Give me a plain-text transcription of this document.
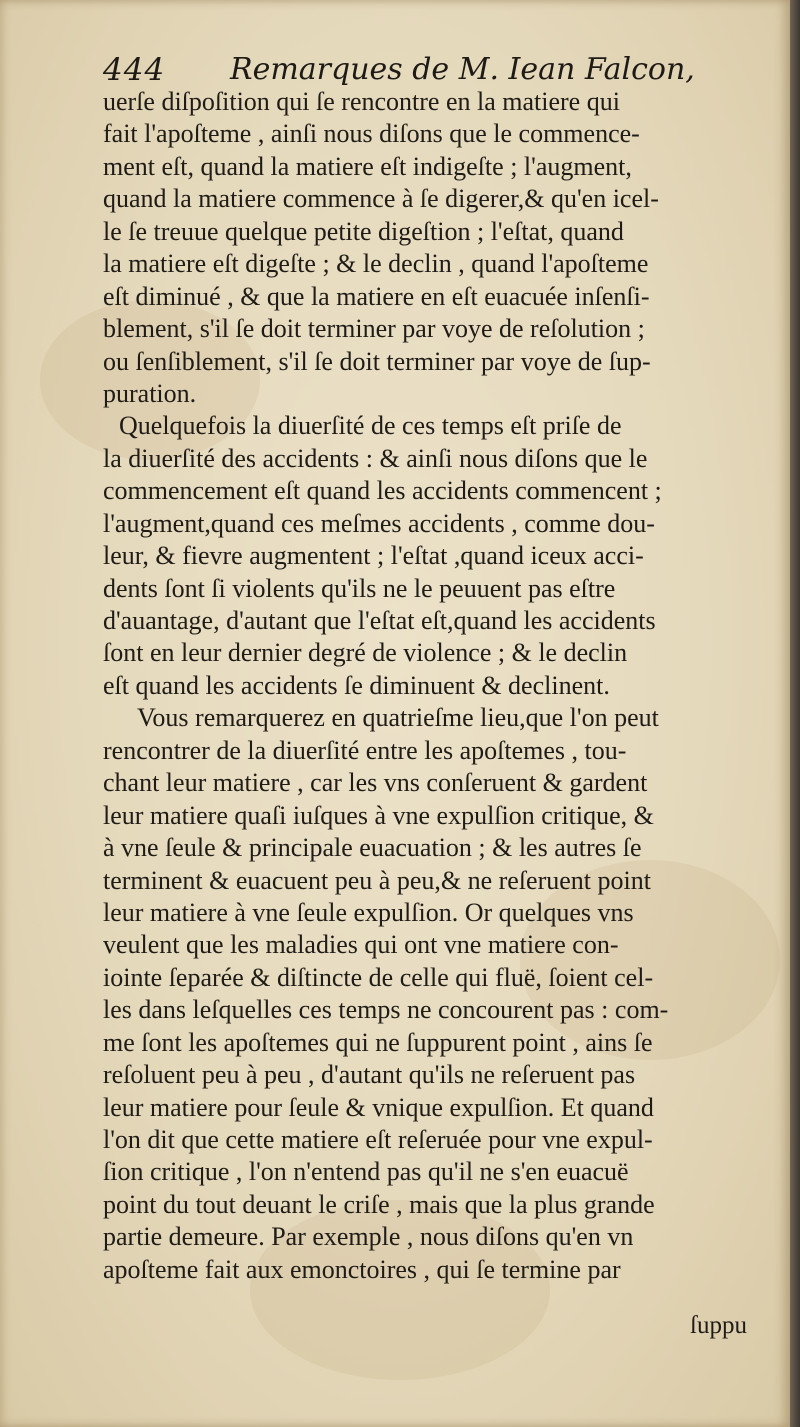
444 Remarques de M. Iean Falcon,
uerſe diſpoſition qui ſe rencontre en la matiere qui
fait l'apoſteme , ainſi nous diſons que le commence-
ment eſt, quand la matiere eſt indigeſte ; l'augment,
quand la matiere commence à ſe digerer,& qu'en icel-
le ſe treuue quelque petite digeſtion ; l'eſtat, quand
la matiere eſt digeſte ; & le declin , quand l'apoſteme
eſt diminué , & que la matiere en eſt euacuée inſenſi-
blement, s'il ſe doit terminer par voye de reſolution ;
ou ſenſiblement, s'il ſe doit terminer par voye de ſup-
puration.
Quelquefois la diuerſité de ces temps eſt priſe de
la diuerſité des accidents : & ainſi nous diſons que le
commencement eſt quand les accidents commencent ;
l'augment,quand ces meſmes accidents , comme dou-
leur, & fievre augmentent ; l'eſtat ,quand iceux acci-
dents ſont ſi violents qu'ils ne le peuuent pas eſtre
d'auantage, d'autant que l'eſtat eſt,quand les accidents
ſont en leur dernier degré de violence ; & le declin
eſt quand les accidents ſe diminuent & declinent.
Vous remarquerez en quatrieſme lieu,que l'on peut
rencontrer de la diuerſité entre les apoſtemes , tou-
chant leur matiere , car les vns conſeruent & gardent
leur matiere quaſi iuſques à vne expulſion critique, &
à vne ſeule & principale euacuation ; & les autres ſe
terminent & euacuent peu à peu,& ne reſeruent point
leur matiere à vne ſeule expulſion. Or quelques vns
veulent que les maladies qui ont vne matiere con-
iointe ſeparée & diſtincte de celle qui fluë, ſoient cel-
les dans leſquelles ces temps ne concourent pas : com-
me ſont les apoſtemes qui ne ſuppurent point , ains ſe
reſoluent peu à peu , d'autant qu'ils ne reſeruent pas
leur matiere pour ſeule & vnique expulſion. Et quand
l'on dit que cette matiere eſt reſeruée pour vne expul-
ſion critique , l'on n'entend pas qu'il ne s'en euacuë
point du tout deuant le criſe , mais que la plus grande
partie demeure. Par exemple , nous diſons qu'en vn
apoſteme fait aux emonctoires , qui ſe termine par
ſuppu
